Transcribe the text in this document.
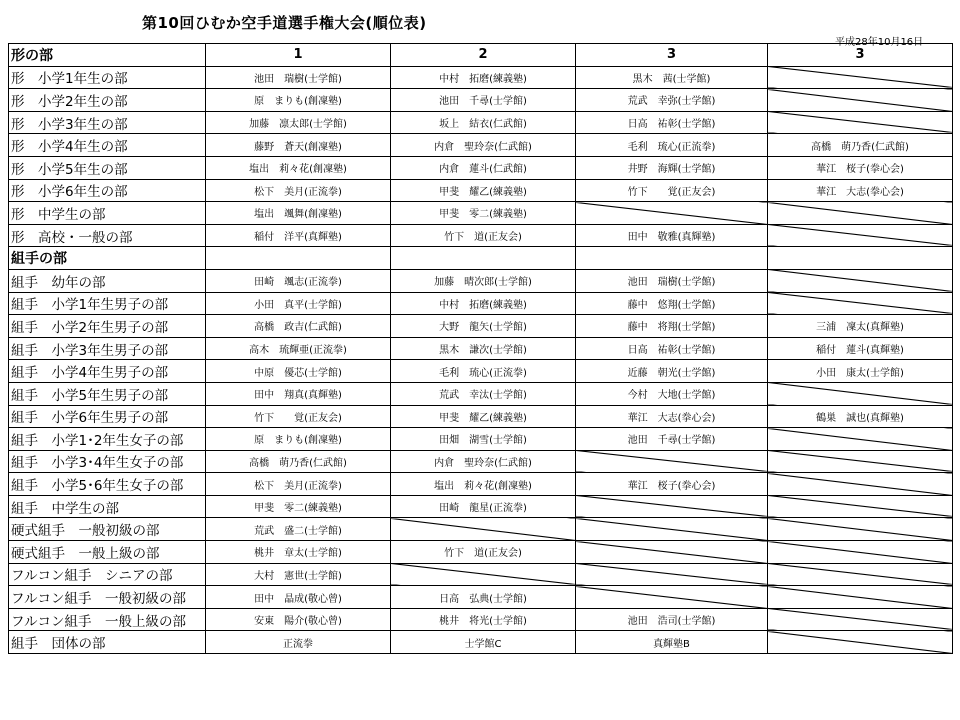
第10回ひむか空手道選手権大会(順位表)
平成28年10月16日
形の部	1	2	3	3
形　小学1年生の部	池田　瑞樹(士学館)	中村　拓磨(練義塾)	黒木　茜(士学館)	
形　小学2年生の部	原　まりも(創凜塾)	池田　千尋(士学館)	荒武　幸弥(士学館)	
形　小学3年生の部	加藤　凛太郎(士学館)	坂上　結衣(仁武館)	日高　祐彰(士学館)	
形　小学4年生の部	藤野　蒼天(創凜塾)	内倉　聖玲奈(仁武館)	毛利　琉心(正流拳)	高橋　萌乃香(仁武館)
形　小学5年生の部	塩出　莉々花(創凜塾)	内倉　蓮斗(仁武館)	井野　海輝(士学館)	華江　桜子(拳心会)
形　小学6年生の部	松下　美月(正流拳)	甲斐　耀乙(練義塾)	竹下　　覚(正友会)	華江　大志(拳心会)
形　中学生の部	塩出　颯舞(創凜塾)	甲斐　零二(練義塾)		
形　高校・一般の部	稲付　洋平(真輝塾)	竹下　道(正友会)	田中　敬雅(真輝塾)	
組手の部				
組手　幼年の部	田崎　颯志(正流拳)	加藤　晴次郎(士学館)	池田　瑞樹(士学館)	
組手　小学1年生男子の部	小田　真平(士学館)	中村　拓磨(練義塾)	藤中　悠翔(士学館)	
組手　小学2年生男子の部	高橋　政吉(仁武館)	大野　龍矢(士学館)	藤中　将翔(士学館)	三浦　凜太(真輝塾)
組手　小学3年生男子の部	高木　琉輝亜(正流拳)	黒木　謙次(士学館)	日高　祐彰(士学館)	稲付　蓮斗(真輝塾)
組手　小学4年生男子の部	中原　優芯(士学館)	毛利　琉心(正流拳)	近藤　朝光(士学館)	小田　康太(士学館)
組手　小学5年生男子の部	田中　翔真(真輝塾)	荒武　幸汰(士学館)	今村　大地(士学館)	
組手　小学6年生男子の部	竹下　　覚(正友会)	甲斐　耀乙(練義塾)	華江　大志(拳心会)	鶴巣　誠也(真輝塾)
組手　小学1･2年生女子の部	原　まりも(創凜塾)	田畑　湖雪(士学館)	池田　千尋(士学館)	
組手　小学3･4年生女子の部	高橋　萌乃香(仁武館)	内倉　聖玲奈(仁武館)		
組手　小学5･6年生女子の部	松下　美月(正流拳)	塩出　莉々花(創凜塾)	華江　桜子(拳心会)	
組手　中学生の部	甲斐　零二(練義塾)	田崎　龍星(正流拳)		
硬式組手　一般初級の部	荒武　盛二(士学館)			
硬式組手　一般上級の部	桃井　章太(士学館)	竹下　道(正友会)		
フルコン組手　シニアの部	大村　憲世(士学館)			
フルコン組手　一般初級の部	田中　晶成(敬心曾)	日高　弘典(士学館)		
フルコン組手　一般上級の部	安東　陽介(敬心曾)	桃井　将光(士学館)	池田　浩司(士学館)	
組手　団体の部	正流拳	士学館C	真輝塾B	
